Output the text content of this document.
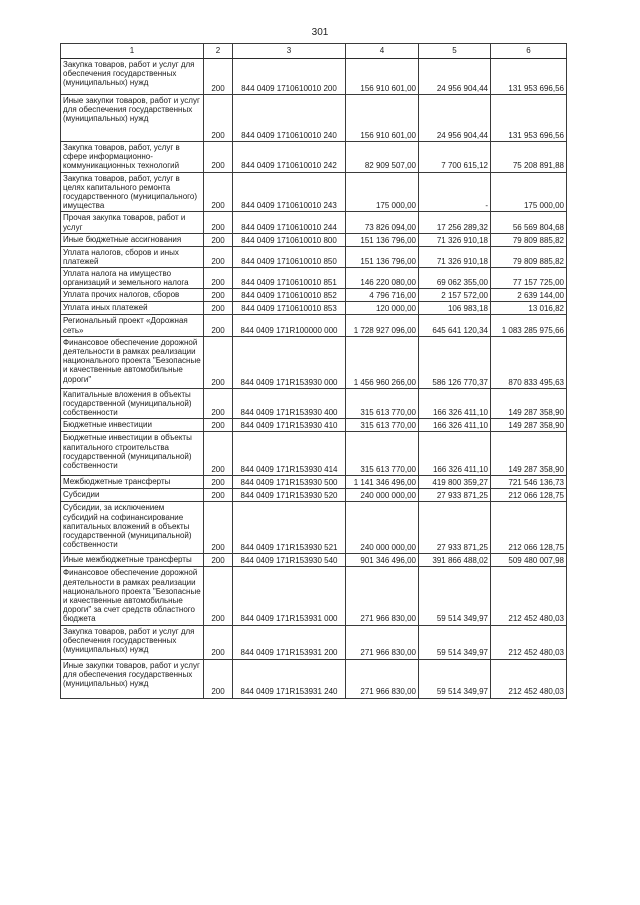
301
1	2	3	4	5	6
Закупка товаров, работ и услуг для обеспечения государственных (муниципальных) нужд	200	844 0409 1710610010 200	156 910 601,00	24 956 904,44	131 953 696,56
Иные закупки товаров, работ и услуг для обеспечения государственных (муниципальных) нужд	200	844 0409 1710610010 240	156 910 601,00	24 956 904,44	131 953 696,56
Закупка товаров, работ, услуг в сфере информационно-коммуникационных технологий	200	844 0409 1710610010 242	82 909 507,00	7 700 615,12	75 208 891,88
Закупка товаров, работ, услуг в целях капитального ремонта государственного (муниципального) имущества	200	844 0409 1710610010 243	175 000,00	-	175 000,00
Прочая закупка товаров, работ и услуг	200	844 0409 1710610010 244	73 826 094,00	17 256 289,32	56 569 804,68
Иные бюджетные ассигнования	200	844 0409 1710610010 800	151 136 796,00	71 326 910,18	79 809 885,82
Уплата налогов, сборов и иных платежей	200	844 0409 1710610010 850	151 136 796,00	71 326 910,18	79 809 885,82
Уплата налога на имущество организаций и земельного налога	200	844 0409 1710610010 851	146 220 080,00	69 062 355,00	77 157 725,00
Уплата прочих налогов, сборов	200	844 0409 1710610010 852	4 796 716,00	2 157 572,00	2 639 144,00
Уплата иных платежей	200	844 0409 1710610010 853	120 000,00	106 983,18	13 016,82
Региональный проект «Дорожная сеть»	200	844 0409 171R100000 000	1 728 927 096,00	645 641 120,34	1 083 285 975,66
Финансовое обеспечение дорожной деятельности в рамках реализации национального проекта "Безопасные и качественные автомобильные дороги"	200	844 0409 171R153930 000	1 456 960 266,00	586 126 770,37	870 833 495,63
Капитальные вложения в объекты государственной (муниципальной) собственности	200	844 0409 171R153930 400	315 613 770,00	166 326 411,10	149 287 358,90
Бюджетные инвестиции	200	844 0409 171R153930 410	315 613 770,00	166 326 411,10	149 287 358,90
Бюджетные инвестиции в объекты капитального строительства государственной (муниципальной) собственности	200	844 0409 171R153930 414	315 613 770,00	166 326 411,10	149 287 358,90
Межбюджетные трансферты	200	844 0409 171R153930 500	1 141 346 496,00	419 800 359,27	721 546 136,73
Субсидии	200	844 0409 171R153930 520	240 000 000,00	27 933 871,25	212 066 128,75
Субсидии, за исключением субсидий на софинансирование капитальных вложений в объекты государственной (муниципальной) собственности	200	844 0409 171R153930 521	240 000 000,00	27 933 871,25	212 066 128,75
Иные межбюджетные трансферты	200	844 0409 171R153930 540	901 346 496,00	391 866 488,02	509 480 007,98
Финансовое обеспечение дорожной деятельности в рамках реализации национального проекта "Безопасные и качественные автомобильные дороги" за счет средств областного бюджета	200	844 0409 171R153931 000	271 966 830,00	59 514 349,97	212 452 480,03
Закупка товаров, работ и услуг для обеспечения государственных (муниципальных) нужд	200	844 0409 171R153931 200	271 966 830,00	59 514 349,97	212 452 480,03
Иные закупки товаров, работ и услуг для обеспечения государственных (муниципальных) нужд	200	844 0409 171R153931 240	271 966 830,00	59 514 349,97	212 452 480,03
